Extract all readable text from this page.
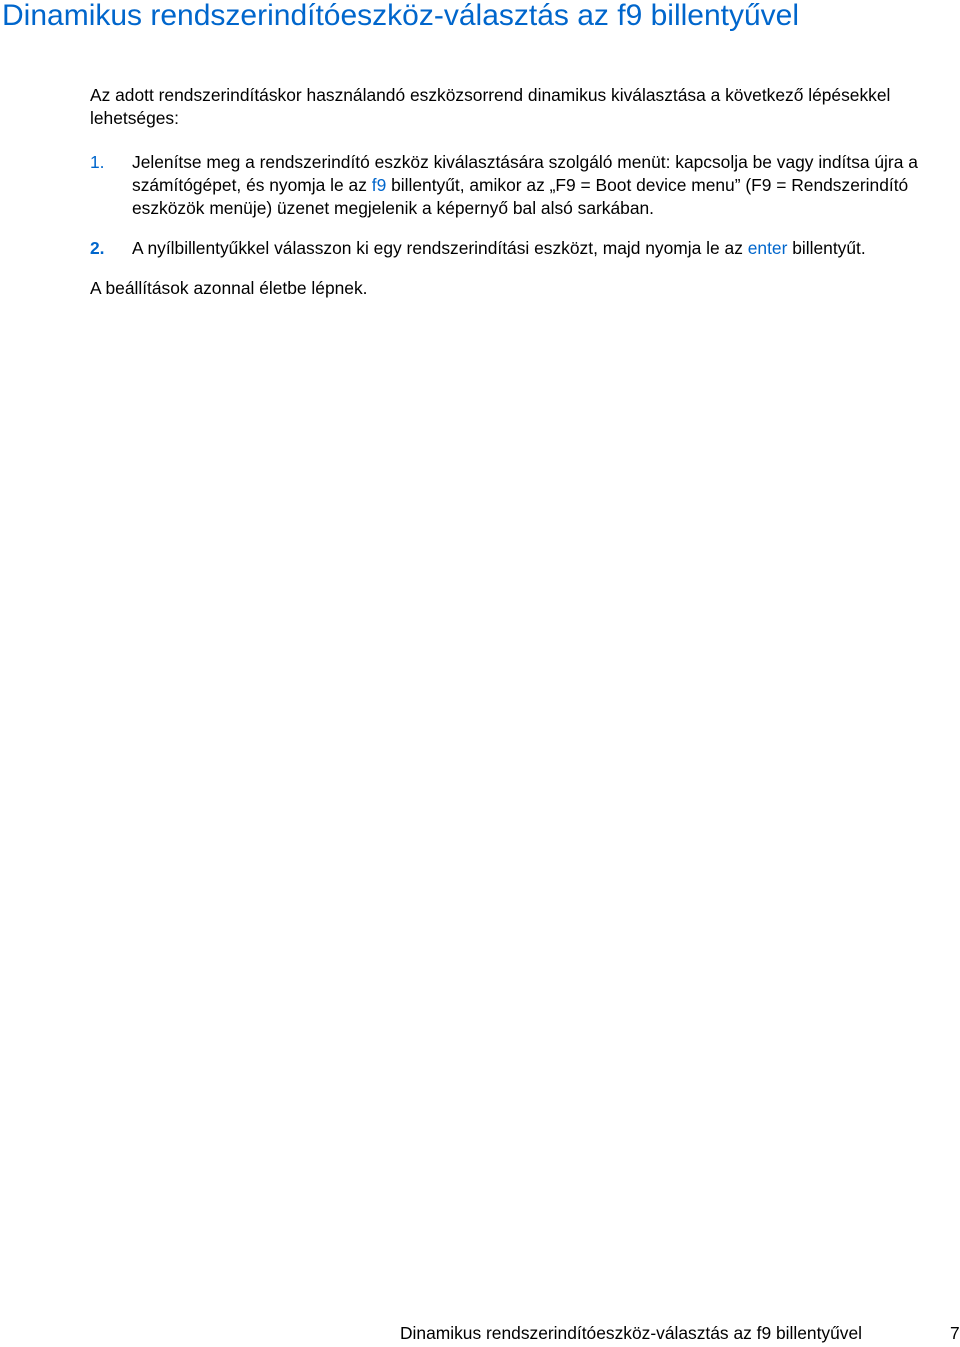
Dinamikus rendszerindítóeszköz-választás az f9 billentyűvel

Az adott rendszerindításkor használandó eszközsorrend dinamikus kiválasztása a következő lépésekkel lehetséges:

1.	Jelenítse meg a rendszerindító eszköz kiválasztására szolgáló menüt: kapcsolja be vagy indítsa újra a számítógépet, és nyomja le az f9 billentyűt, amikor az „F9 = Boot device menu” (F9 = Rendszerindító eszközök menüje) üzenet megjelenik a képernyő bal alsó sarkában.
2.	A nyílbillentyűkkel válasszon ki egy rendszerindítási eszközt, majd nyomja le az enter billentyűt.

A beállítások azonnal életbe lépnek.

Dinamikus rendszerindítóeszköz-választás az f9 billentyűvel	7
